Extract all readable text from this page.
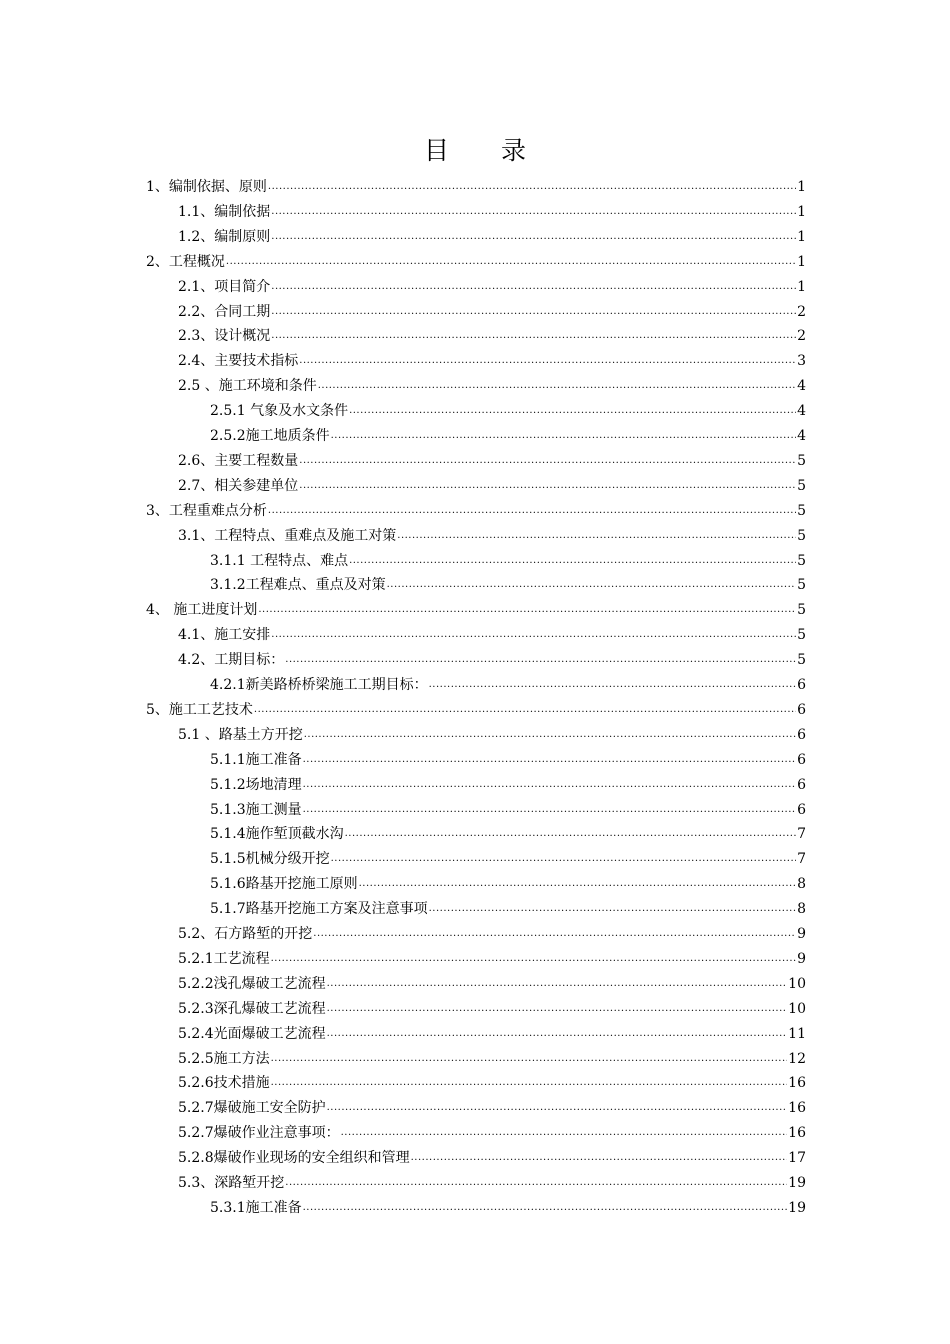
目 录
1、编制依据、原则 .....	1
1.1、编制依据 .....	1
1.2、编制原则 .....	1
2、工程概况 .....	1
2.1、项目简介 .....	1
2.2、合同工期 .....	2
2.3、设计概况 .....	2
2.4、主要技术指标 .....	3
2.5 、施工环境和条件 .....	4
2.5.1 气象及水文条件 .....	4
2.5.2施工地质条件 .....	4
2.6、主要工程数量 .....	5
2.7、相关参建单位 .....	5
3、工程重难点分析 .....	5
3.1、工程特点、重难点及施工对策 .....	5
3.1.1 工程特点、难点 .....	5
3.1.2工程难点、重点及对策 .....	5
4、 施工进度计划 .....	5
4.1、施工安排 .....	5
4.2、工期目标： .....	5
4.2.1新美路桥桥梁施工工期目标： .....	6
5、施工工艺技术 .....	6
5.1 、路基土方开挖 .....	6
5.1.1施工准备 .....	6
5.1.2场地清理 .....	6
5.1.3施工测量 .....	6
5.1.4施作堑顶截水沟 .....	7
5.1.5机械分级开挖 .....	7
5.1.6路基开挖施工原则 .....	8
5.1.7路基开挖施工方案及注意事项 .....	8
5.2、石方路堑的开挖 .....	9
5.2.1工艺流程 .....	9
5.2.2浅孔爆破工艺流程 .....	10
5.2.3深孔爆破工艺流程 .....	10
5.2.4光面爆破工艺流程 .....	11
5.2.5施工方法 .....	12
5.2.6技术措施 .....	16
5.2.7爆破施工安全防护 .....	16
5.2.7爆破作业注意事项： .....	16
5.2.8爆破作业现场的安全组织和管理 .....	17
5.3、深路堑开挖 .....	19
5.3.1施工准备 .....	19
